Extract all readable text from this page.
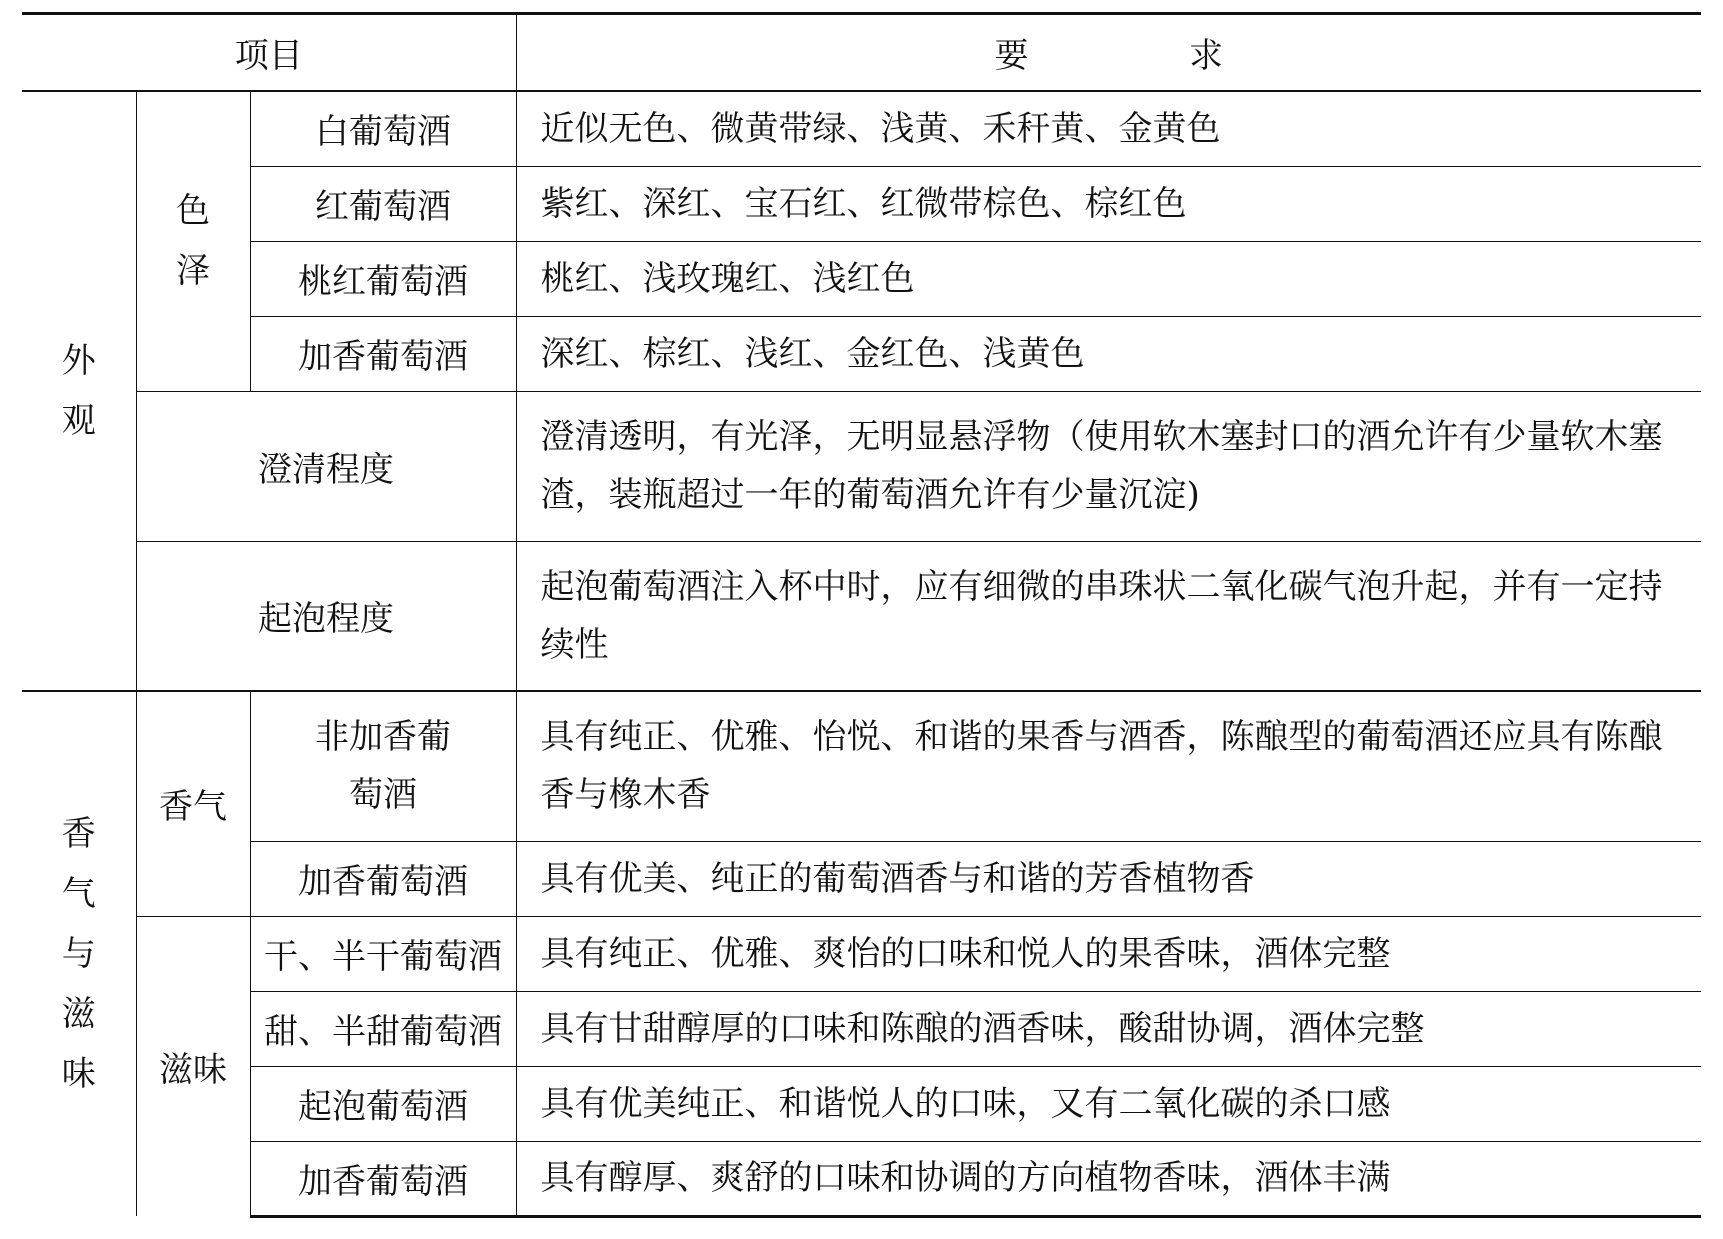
项目			要 求
外观	色泽	白葡萄酒	近似无色、微黄带绿、浅黄、禾秆黄、金黄色
		红葡萄酒	紫红、深红、宝石红、红微带棕色、棕红色
		桃红葡萄酒	桃红、浅玫瑰红、浅红色
		加香葡萄酒	深红、棕红、浅红、金红色、浅黄色
	澄清程度		澄清透明，有光泽，无明显悬浮物（使用软木塞封口的酒允许有少量软木塞渣，装瓶超过一年的葡萄酒允许有少量沉淀)
	起泡程度		起泡葡萄酒注入杯中时，应有细微的串珠状二氧化碳气泡升起，并有一定持续性
香气与滋味	香气	非加香葡萄酒	具有纯正、优雅、怡悦、和谐的果香与酒香，陈酿型的葡萄酒还应具有陈酿香与橡木香
		加香葡萄酒	具有优美、纯正的葡萄酒香与和谐的芳香植物香
	滋味	干、半干葡萄酒	具有纯正、优雅、爽怡的口味和悦人的果香味，酒体完整
		甜、半甜葡萄酒	具有甘甜醇厚的口味和陈酿的酒香味，酸甜协调，酒体完整
		起泡葡萄酒	具有优美纯正、和谐悦人的口味，又有二氧化碳的杀口感
		加香葡萄酒	具有醇厚、爽舒的口味和协调的方向植物香味，酒体丰满
